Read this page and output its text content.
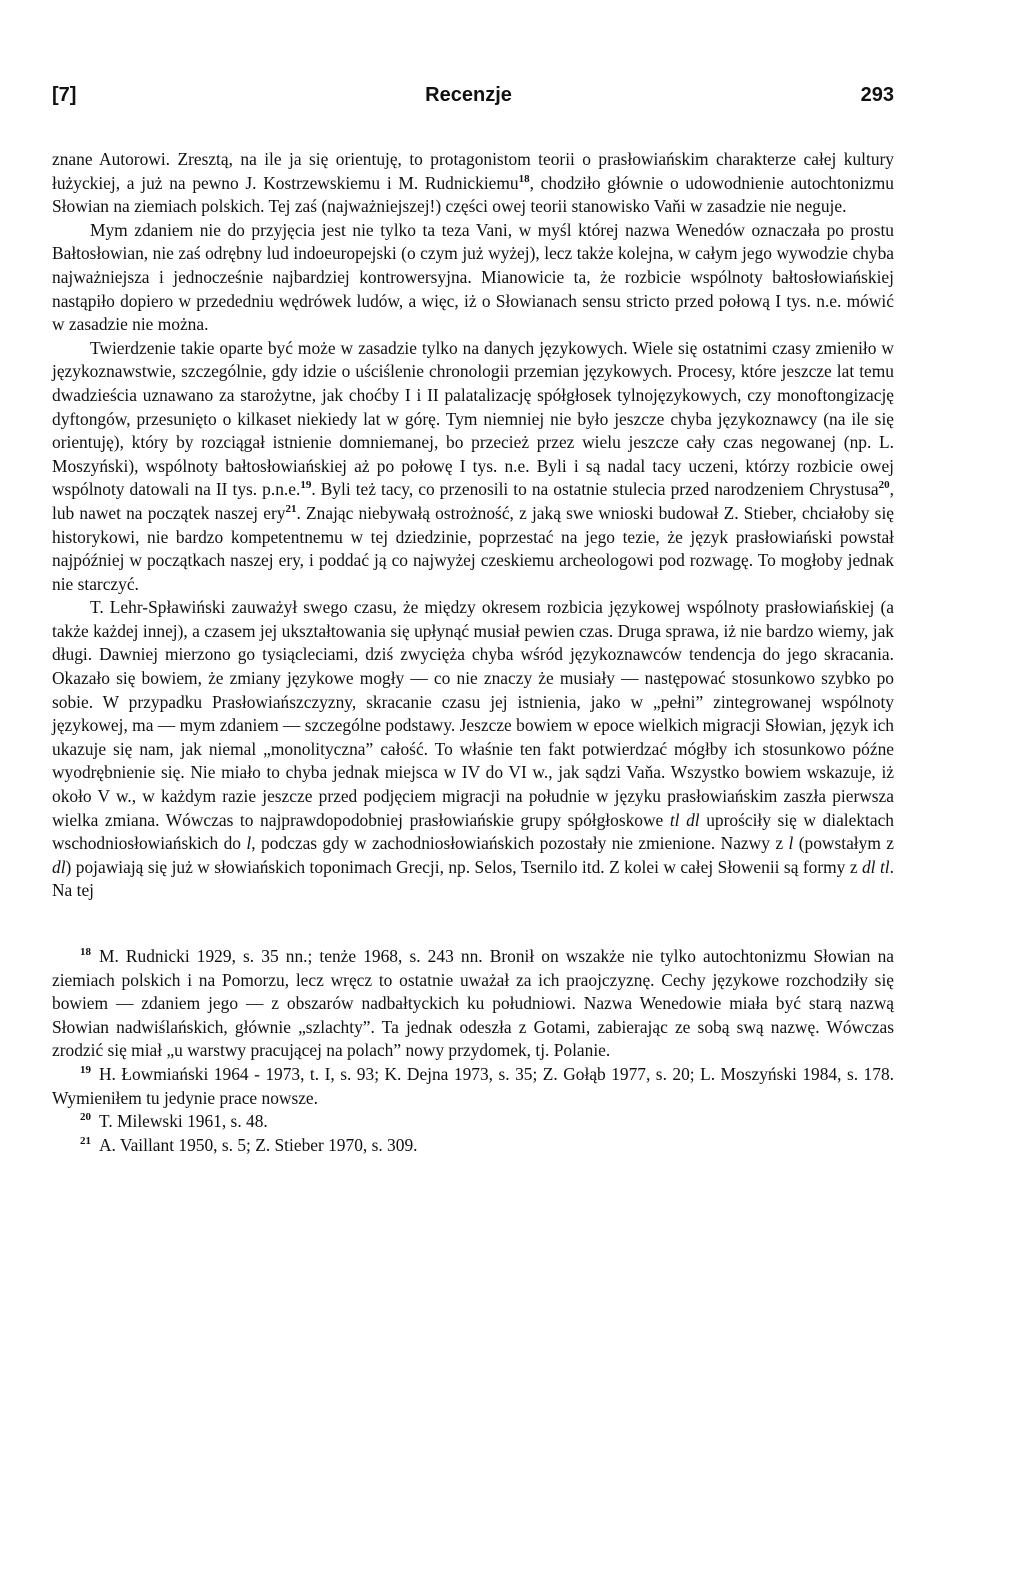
[7]	Recenzje	293

znane Autorowi. Zresztą, na ile ja się orientuję, to protagonistom teorii o prasłowiańskim charakterze całej kultury łużyckiej, a już na pewno J. Kostrzewskiemu i M. Rudnickiemu$^{18}$, chodziło głównie o udowodnienie autochtonizmu Słowian na ziemiach polskich. Tej zaś (najważniejszej!) części owej teorii stanowisko Vaňi w zasadzie nie neguje.

Mym zdaniem nie do przyjęcia jest nie tylko ta teza Vani, w myśl której nazwa Wenedów oznaczała po prostu Bałtosłowian, nie zaś odrębny lud indoeuropejski (o czym już wyżej), lecz także kolejna, w całym jego wywodzie chyba najważniejsza i jednocześnie najbardziej kontrowersyjna. Mianowicie ta, że rozbicie wspólnoty bałtosłowiańskiej nastąpiło dopiero w przededniu wędrówek ludów, a więc, iż o Słowianach sensu stricto przed połową I tys. n.e. mówić w zasadzie nie można.

Twierdzenie takie oparte być może w zasadzie tylko na danych językowych. Wiele się ostatnimi czasy zmieniło w językoznawstwie, szczególnie, gdy idzie o uściślenie chronologii przemian językowych. Procesy, które jeszcze lat temu dwadzieścia uznawano za starożytne, jak choćby I i II palatalizację spółgłosek tylnojęzykowych, czy monoftongizację dyftongów, przesunięto o kilkaset niekiedy lat w górę. Tym niemniej nie było jeszcze chyba językoznawcy (na ile się orientuję), który by rozciągał istnienie domniemanej, bo przecież przez wielu jeszcze cały czas negowanej (np. L. Moszyński), wspólnoty bałtosłowiańskiej aż po połowę I tys. n.e. Byli i są nadal tacy uczeni, którzy rozbicie owej wspólnoty datowali na II tys. p.n.e.$^{19}$. Byli też tacy, co przenosili to na ostatnie stulecia przed narodzeniem Chrystusa$^{20}$, lub nawet na początek naszej ery$^{21}$. Znając niebywałą ostrożność, z jaką swe wnioski budował Z. Stieber, chciałoby się historykowi, nie bardzo kompetentnemu w tej dziedzinie, poprzestać na jego tezie, że język prasłowiański powstał najpóźniej w początkach naszej ery, i poddać ją co najwyżej czeskiemu archeologowi pod rozwagę. To mogłoby jednak nie starczyć.

T. Lehr-Spławiński zauważył swego czasu, że między okresem rozbicia językowej wspólnoty prasłowiańskiej (a także każdej innej), a czasem jej ukształtowania się upłynąć musiał pewien czas. Druga sprawa, iż nie bardzo wiemy, jak długi. Dawniej mierzono go tysiącleciami, dziś zwycięża chyba wśród językoznawców tendencja do jego skracania. Okazało się bowiem, że zmiany językowe mogły — co nie znaczy że musiały — następować stosunkowo szybko po sobie. W przypadku Prasłowiańszczyzny, skracanie czasu jej istnienia, jako w „pełni” zintegrowanej wspólnoty językowej, ma — mym zdaniem — szczególne podstawy. Jeszcze bowiem w epoce wielkich migracji Słowian, język ich ukazuje się nam, jak niemal „monolityczna” całość. To właśnie ten fakt potwierdzać mógłby ich stosunkowo późne wyodrębnienie się. Nie miało to chyba jednak miejsca w IV do VI w., jak sądzi Vaňa. Wszystko bowiem wskazuje, iż około V w., w każdym razie jeszcze przed podjęciem migracji na południe w języku prasłowiańskim zaszła pierwsza wielka zmiana. Wówczas to najprawdopodobniej prasłowiańskie grupy spółgłoskowe tl dl uprościły się w dialektach wschodniosłowiańskich do l, podczas gdy w zachodniosłowiańskich pozostały nie zmienione. Nazwy z l (powstałym z dl) pojawiają się już w słowiańskich toponimach Grecji, np. Selos, Tsernilo itd. Z kolei w całej Słowenii są formy z dl tl. Na tej

$^{18}$ M. Rudnicki 1929, s. 35 nn.; tenże 1968, s. 243 nn. Bronił on wszakże nie tylko autochtonizmu Słowian na ziemiach polskich i na Pomorzu, lecz wręcz to ostatnie uważał za ich praojczyznę. Cechy językowe rozchodziły się bowiem — zdaniem jego — z obszarów nadbałtyckich ku południowi. Nazwa Wenedowie miała być starą nazwą Słowian nadwiślańskich, głównie „szlachty”. Ta jednak odeszła z Gotami, zabierając ze sobą swą nazwę. Wówczas zrodzić się miał „u warstwy pracującej na polach” nowy przydomek, tj. Polanie.

$^{19}$ H. Łowmiański 1964 - 1973, t. I, s. 93; K. Dejna 1973, s. 35; Z. Gołąb 1977, s. 20; L. Moszyński 1984, s. 178. Wymieniłem tu jedynie prace nowsze.

$^{20}$ T. Milewski 1961, s. 48.

$^{21}$ A. Vaillant 1950, s. 5; Z. Stieber 1970, s. 309.
